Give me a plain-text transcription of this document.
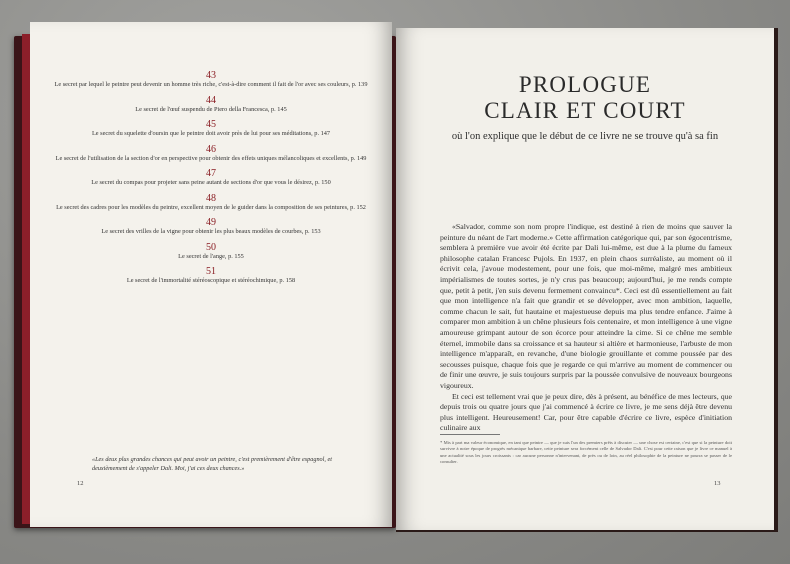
43
Le secret par lequel le peintre peut devenir un homme très riche, c'est-à-dire comment il fait de l'or avec ses couleurs, p. 139
44
Le secret de l'œuf suspendu de Piero della Francesca, p. 145
45
Le secret du squelette d'oursin que le peintre doit avoir près de lui pour ses méditations, p. 147
46
Le secret de l'utilisation de la section d'or en perspective pour obtenir des effets uniques mélancoliques et excellents, p. 149
47
Le secret du compas pour projeter sans peine autant de sections d'or que vous le désirez, p. 150
48
Le secret des cadres pour les modèles du peintre, excellent moyen de le guider dans la composition de ses peintures, p. 152
49
Le secret des vrilles de la vigne pour obtenir les plus beaux modèles de courbes, p. 153
50
Le secret de l'ange, p. 155
51
Le secret de l'immortalité stéréoscopique et stéréochimique, p. 158
«Les deux plus grandes chances qui peut avoir un peintre, c'est premièrement d'être espagnol, et deuxièmement de s'appeler Dali. Moi, j'ai ces deux chances.»
12
PROLOGUE
CLAIR ET COURT
où l'on explique que le début de ce livre ne se trouve qu'à sa fin

«Salvador, comme son nom propre l'indique, est destiné à rien de moins que sauver la peinture du néant de l'art moderne.» Cette affirmation catégorique qui, par son égocentrisme, semblera à première vue avoir été écrite par Dali lui-même, est due à la plume du fameux philosophe catalan Francesc Pujols. En 1937, en plein chaos surréaliste, au moment où il écrivit cela, j'avoue modestement, pour une fois, que moi-même, malgré mes ambitieux impérialismes de toutes sortes, je n'y crus pas beaucoup; aujourd'hui, je me rends compte que, petit à petit, j'en suis devenu fermement convaincu*. Ceci est dû essentiellement au fait que mon intelligence n'a fait que grandir et se développer, avec mon ambition, laquelle, comme chacun le sait, fut hautaine et majestueuse depuis ma plus tendre enfance. J'aime à comparer mon ambition à un chêne plusieurs fois centenaire, et mon intelligence à une vigne amoureuse grimpant autour de son écorce pour atteindre la cime. Si ce chêne me semble éternel, immobile dans sa croissance et sa hauteur si altière et harmonieuse, l'arbuste de mon intelligence m'apparaît, en revanche, d'une biologie grouillante et comme poussée par des secousses puisque, chaque fois que je regarde ce qui m'arrive au moment de commencer ou de finir une œuvre, je suis toujours surpris par la poussée convulsive de nouveaux bourgeons vigoureux.

Et ceci est tellement vrai que je peux dire, dès à présent, au bénéfice de mes lecteurs, que depuis trois ou quatre jours que j'ai commencé à écrire ce livre, je me sens déjà être devenu plus intelligent. Heureusement! Car, pour être capable d'écrire ce livre, espèce d'initiation culinaire aux

* Mis à part ma valeur économique, en tant que peintre — que je suis l'un des premiers prêts à discuter — une chose est certaine, c'est que si la peinture doit survivre à notre époque de progrès mécanique barbare, cette peinture sera forcément celle de Salvador Dali. C'est pour cette raison que je livre ce manuel à une actualité sous les jours croissants : car aucune personne n'intervenant, de près ou de loin, au réel philosophie de la peinture ne pourra se passer de le consulter.
13
